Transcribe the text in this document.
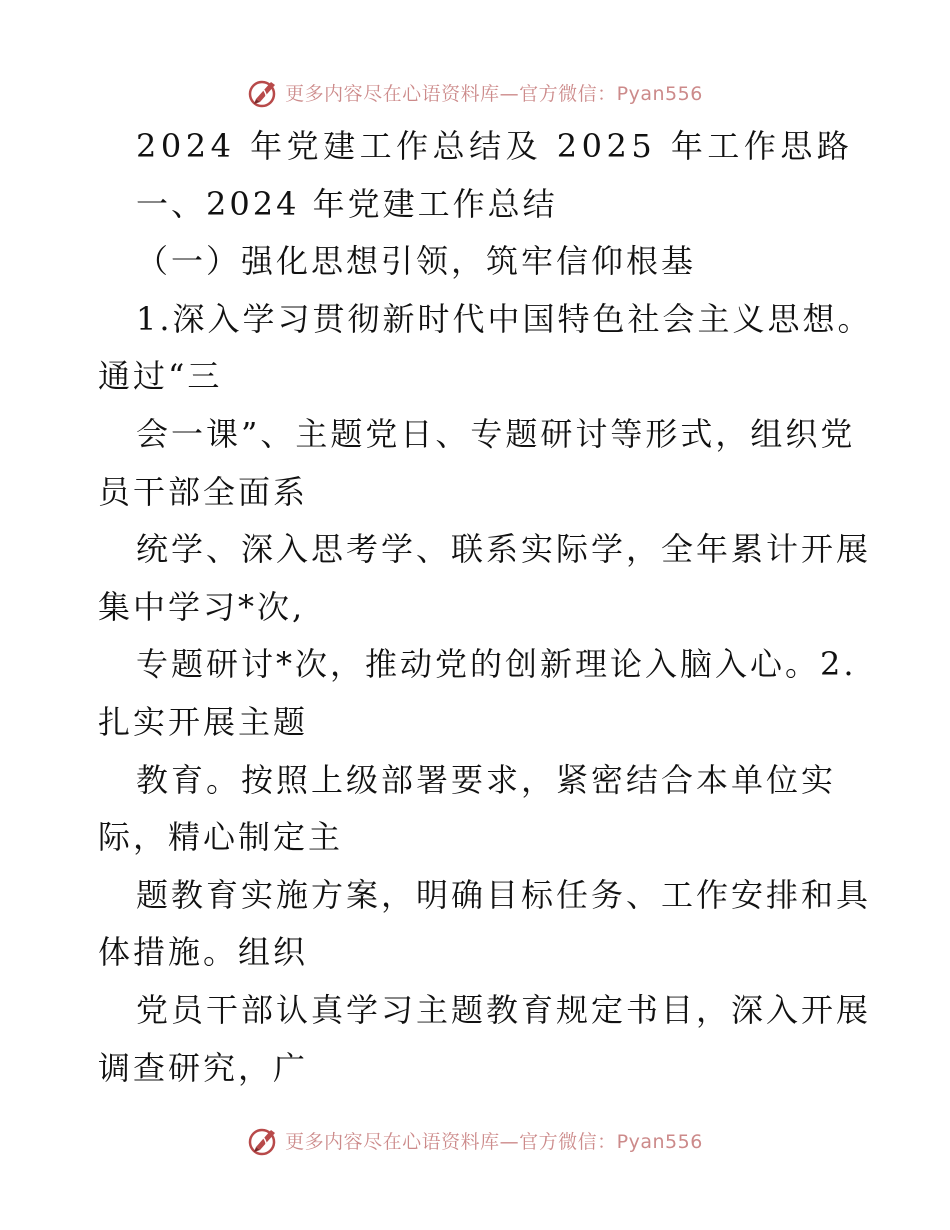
更多内容尽在心语资料库—官方微信：Pyan556

2024 年党建工作总结及 2025 年工作思路

一、2024 年党建工作总结

（一）强化思想引领，筑牢信仰根基

1.深入学习贯彻新时代中国特色社会主义思想。

通过“三

会一课”、主题党日、专题研讨等形式，组织党

员干部全面系

统学、深入思考学、联系实际学，全年累计开展

集中学习*次,

专题研讨*次，推动党的创新理论入脑入心。2.

扎实开展主题

教育。按照上级部署要求，紧密结合本单位实

际，精心制定主

题教育实施方案，明确目标任务、工作安排和具

体措施。组织

党员干部认真学习主题教育规定书目，深入开展

调查研究，广

更多内容尽在心语资料库—官方微信：Pyan556
